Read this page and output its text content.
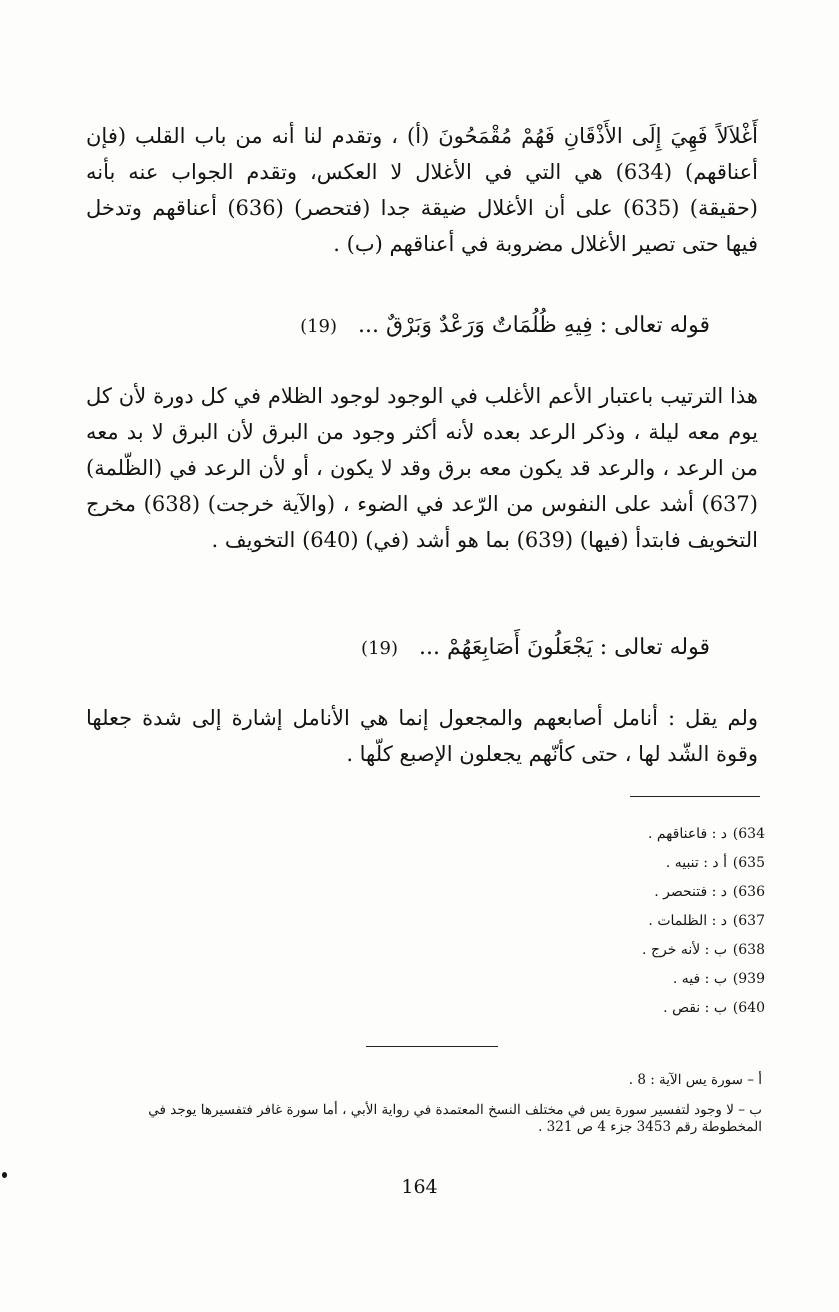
أَغْلاَلاً فَهِيَ إِلَى الأَذْقَانِ فَهُمْ مُقْمَحُونَ (أ) ، وتقدم لنا أنه من باب القلب (فإن أعناقهم) (634) هي التي في الأغلال لا العكس، وتقدم الجواب عنه بأنه (حقيقة) (635) على أن الأغلال ضيقة جدا (فتحصر) (636) أعناقهم وتدخل فيها حتى تصير الأغلال مضروبة في أعناقهم (ب) .

قوله تعالى : فِيهِ ظُلُمَاتٌ وَرَعْدٌ وَبَرْقٌ ... (19)

هذا الترتيب باعتبار الأعم الأغلب في الوجود لوجود الظلام في كل دورة لأن كل يوم معه ليلة ، وذكر الرعد بعده لأنه أكثر وجود من البرق لأن البرق لا بد معه من الرعد ، والرعد قد يكون معه برق وقد لا يكون ، أو لأن الرعد في (الظّلمة) (637) أشد على النفوس من الرّعد في الضوء ، (والآية خرجت) (638) مخرج التخويف فابتدأ (فيها) (639) بما هو أشد (في) (640) التخويف .

قوله تعالى : يَجْعَلُونَ أَصَابِعَهُمْ ... (19)

ولم يقل : أنامل أصابعهم والمجعول إنما هي الأنامل إشارة إلى شدة جعلها وقوة الشّد لها ، حتى كأنّهم يجعلون الإصبع كلّها .

634)د : فاعناقهم .
635)أ د : تنبيه .
636)د : فتنحصر .
637)د : الظلمات .
638)ب : لأنه خرج .
939)ب : فيه .
640)ب : نقص .
أ – سورة يس الآية : 8 .
ب – لا وجود لتفسير سورة يس في مختلف النسخ المعتمدة في رواية الأبي ، أما سورة غافر فتفسيرها يوجد في المخطوطة رقم 3453 جزء 4 ص 321 .
164
